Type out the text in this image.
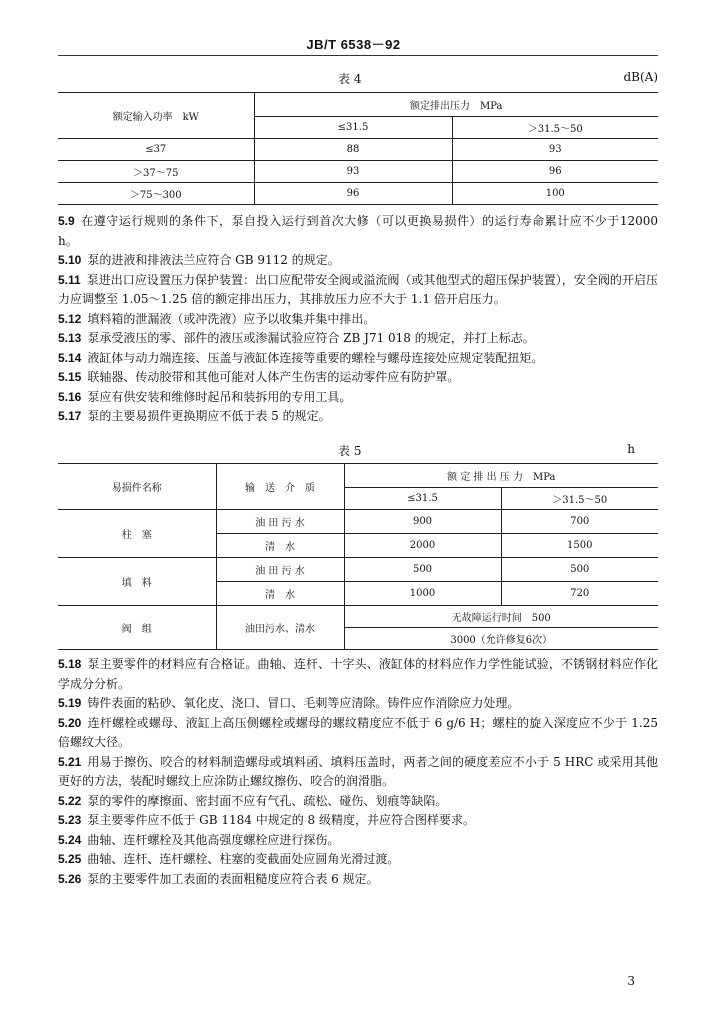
JB/T 6538－92
表 4	dB(A)
额定输入功率　kW	额定排出压力　MPa	
	≤31.5	＞31.5～50
≤37	88	93
＞37～75	93	96
＞75～300	96	100
5.9 在遵守运行规则的条件下，泵自投入运行到首次大修（可以更换易损件）的运行寿命累计应不少于12000 h。
5.10 泵的进液和排液法兰应符合 GB 9112 的规定。
5.11 泵进出口应设置压力保护装置：出口应配带安全阀或溢流阀（或其他型式的超压保护装置），安全阀的开启压力应调整至 1.05～1.25 倍的额定排出压力，其排放压力应不大于 1.1 倍开启压力。
5.12 填料箱的泄漏液（或冲洗液）应予以收集并集中排出。
5.13 泵承受液压的零、部件的液压或渗漏试验应符合 ZB J71 018 的规定，并打上标志。
5.14 液缸体与动力端连接、压盖与液缸体连接等重要的螺栓与螺母连接处应规定装配扭矩。
5.15 联轴器、传动胶带和其他可能对人体产生伤害的运动零件应有防护罩。
5.16 泵应有供安装和维修时起吊和装拆用的专用工具。
5.17 泵的主要易损件更换期应不低于表 5 的规定。
表 5	h
易损件名称	输　送　介　质	额 定 排 出 压 力　MPa	
		≤31.5	＞31.5～50
柱　塞	油 田 污 水	900	700
	清　水	2000	1500
填　料	油 田 污 水	500	500
	清　水	1000	720
阀　组	油田污水、清水	无故障运行时间　500	
		3000（允许修复6次）	
5.18 泵主要零件的材料应有合格证。曲轴、连杆、十字头、液缸体的材料应作力学性能试验，不锈钢材料应作化学成分分析。
5.19 铸件表面的粘砂、氧化皮、浇口、冒口、毛刺等应清除。铸件应作消除应力处理。
5.20 连杆螺栓或螺母、液缸上高压侧螺栓或螺母的螺纹精度应不低于 6 g/6 H；螺柱的旋入深度应不少于 1.25 倍螺纹大径。
5.21 用易于擦伤、咬合的材料制造螺母或填料函、填料压盖时，两者之间的硬度差应不小于 5 HRC 或采用其他更好的方法，装配时螺纹上应涂防止螺纹擦伤、咬合的润滑脂。
5.22 泵的零件的摩擦面、密封面不应有气孔、疏松、碰伤、划痕等缺陷。
5.23 泵主要零件应不低于 GB 1184 中规定的 8 级精度，并应符合图样要求。
5.24 曲轴、连杆螺栓及其他高强度螺栓应进行探伤。
5.25 曲轴、连杆、连杆螺栓、柱塞的变截面处应圆角光滑过渡。
5.26 泵的主要零件加工表面的表面粗糙度应符合表 6 规定。
3
